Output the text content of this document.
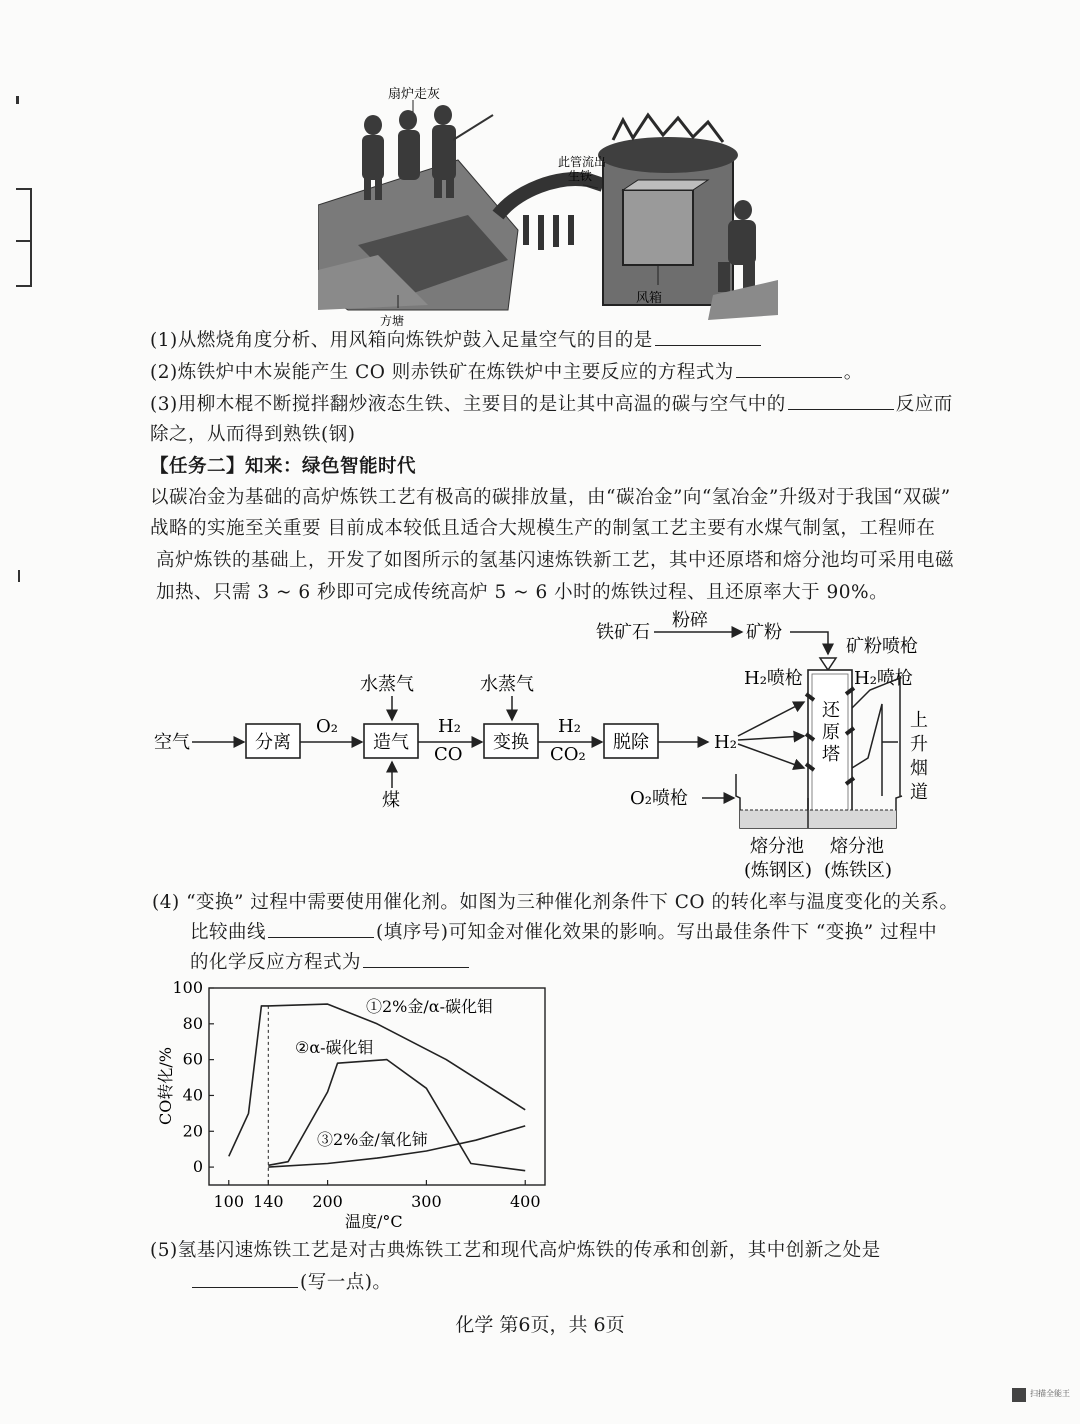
扇炉走灰
此管流出
生铁
风箱
方塘
(1)从燃烧角度分析、用风箱向炼铁炉鼓入足量空气的目的是
(2)炼铁炉中木炭能产生 CO 则赤铁矿在炼铁炉中主要反应的方程式为	。
(3)用柳木棍不断搅拌翻炒液态生铁、主要目的是让其中高温的碳与空气中的	反应而
除之，从而得到熟铁(钢)
【任务二】知来：绿色智能时代
以碳冶金为基础的高炉炼铁工艺有极高的碳排放量，由“碳冶金”向“氢冶金”升级对于我国“双碳”
战略的实施至关重要 目前成本较低且适合大规模生产的制氢工艺主要有水煤气制氢，工程师在
高炉炼铁的基础上，开发了如图所示的氢基闪速炼铁新工艺，其中还原塔和熔分池均可采用电磁
加热、只需 3 ~ 6 秒即可完成传统高炉 5 ~ 6 小时的炼铁过程、且还原率大于 90%。
空气	分离
O₂
水蒸气
造气
煤
H₂
CO
水蒸气
变换
H₂
CO₂
脱除	H₂
铁矿石
粉碎
矿粉
矿粉喷枪
H₂喷枪	H₂喷枪
还
原
塔
上
升
烟
道
O₂喷枪
熔分池
(炼钢区)
熔分池
(炼铁区)
(4) “变换” 过程中需要使用催化剂。如图为三种催化剂条件下 CO 的转化率与温度变化的关系。
比较曲线	(填序号)可知金对催化效果的影响。写出最佳条件下 “变换” 过程中
的化学反应方程式为
0
20
40
60
80
100
100 140 200	300	400
CO转化/%
温度/°C
①2%金/α-碳化钼
②α-碳化钼
③2%金/氧化铈
(5)氢基闪速炼铁工艺是对古典炼铁工艺和现代高炉炼铁的传承和创新，其中创新之处是
(写一点)。
化学 第6页，共 6页
扫描全能王
